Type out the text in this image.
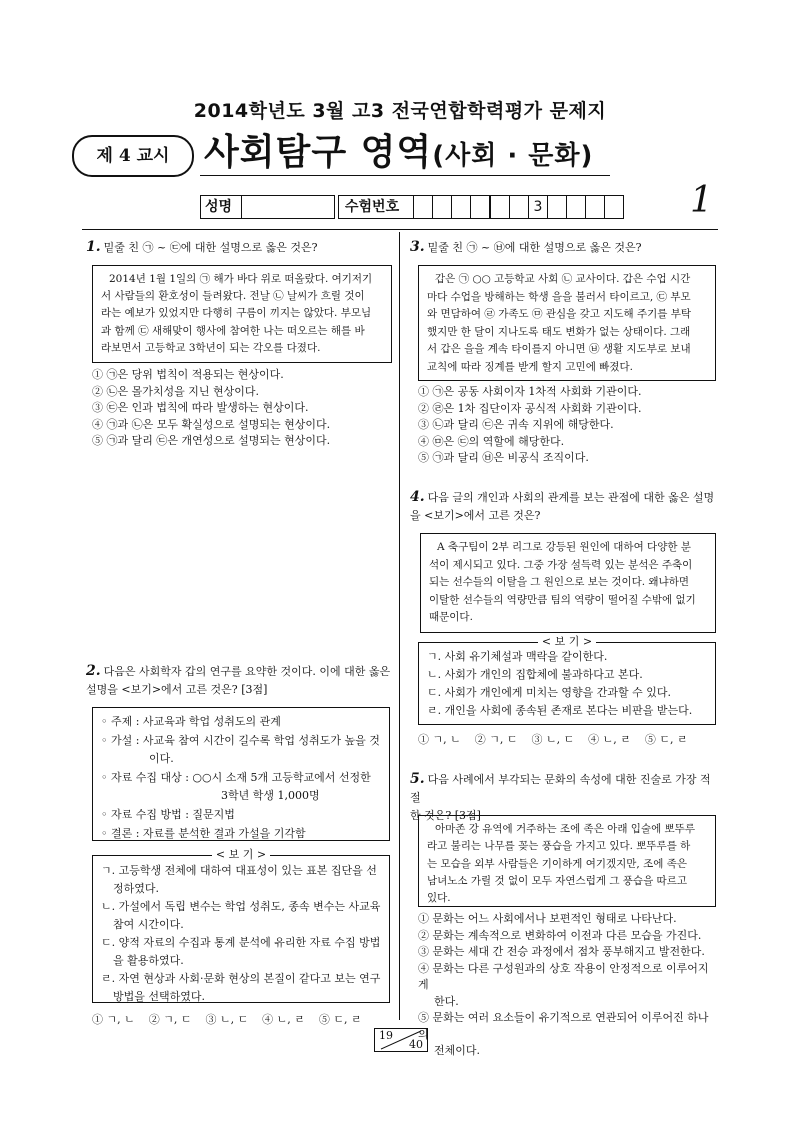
2014학년도 3월 고3 전국연합학력평가 문제지
제 4 교시 사회탐구 영역(사회 · 문화)
성명	수험번호	3	1
1. 밑줄 친 ㉠ ~ ㉢에 대한 설명으로 옳은 것은?
2014년 1월 1일의 ㉠ 해가 바다 위로 떠올랐다. 여기저기
서 사람들의 환호성이 들려왔다. 전날 ㉡ 날씨가 흐릴 것이
라는 예보가 있었지만 다행히 구름이 끼지는 않았다. 부모님
과 함께 ㉢ 새해맞이 행사에 참여한 나는 떠오르는 해를 바
라보면서 고등학교 3학년이 되는 각오를 다졌다.
① ㉠은 당위 법칙이 적용되는 현상이다.
② ㉡은 몰가치성을 지닌 현상이다.
③ ㉢은 인과 법칙에 따라 발생하는 현상이다.
④ ㉠과 ㉡은 모두 확실성으로 설명되는 현상이다.
⑤ ㉠과 달리 ㉢은 개연성으로 설명되는 현상이다.
2. 다음은 사회학자 갑의 연구를 요약한 것이다. 이에 대한 옳은
설명을 <보기>에서 고른 것은? [3점]
◦ 주제 : 사교육과 학업 성취도의 관계
◦ 가설 : 사교육 참여 시간이 길수록 학업 성취도가 높을 것
이다.
◦ 자료 수집 대상 : ○○시 소재 5개 고등학교에서 선정한
3학년 학생 1,000명
◦ 자료 수집 방법 : 질문지법
◦ 결론 : 자료를 분석한 결과 가설을 기각함
< 보 기 >
ㄱ. 고등학생 전체에 대하여 대표성이 있는 표본 집단을 선정하였다.
ㄴ. 가설에서 독립 변수는 학업 성취도, 종속 변수는 사교육 참여 시간이다.
ㄷ. 양적 자료의 수집과 통계 분석에 유리한 자료 수집 방법을 활용하였다.
ㄹ. 자연 현상과 사회·문화 현상의 본질이 같다고 보는 연구 방법을 선택하였다.
① ㄱ, ㄴ    ② ㄱ, ㄷ    ③ ㄴ, ㄷ    ④ ㄴ, ㄹ    ⑤ ㄷ, ㄹ
3. 밑줄 친 ㉠ ~ ㉥에 대한 설명으로 옳은 것은?
갑은 ㉠ ○○ 고등학교 사회 ㉡ 교사이다. 갑은 수업 시간
마다 수업을 방해하는 학생 을을 불러서 타이르고, ㉢ 부모
와 면담하여 ㉣ 가족도 ㉤ 관심을 갖고 지도해 주기를 부탁
했지만 한 달이 지나도록 태도 변화가 없는 상태이다. 그래
서 갑은 을을 계속 타이를지 아니면 ㉥ 생활 지도부로 보내
교칙에 따라 징계를 받게 할지 고민에 빠졌다.
① ㉠은 공동 사회이자 1차적 사회화 기관이다.
② ㉣은 1차 집단이자 공식적 사회화 기관이다.
③ ㉡과 달리 ㉢은 귀속 지위에 해당한다.
④ ㉤은 ㉢의 역할에 해당한다.
⑤ ㉠과 달리 ㉥은 비공식 조직이다.
4. 다음 글의 개인과 사회의 관계를 보는 관점에 대한 옳은 설명
을 <보기>에서 고른 것은?
A 축구팀이 2부 리그로 강등된 원인에 대하여 다양한 분
석이 제시되고 있다. 그중 가장 설득력 있는 분석은 주축이
되는 선수들의 이탈을 그 원인으로 보는 것이다. 왜냐하면
이탈한 선수들의 역량만큼 팀의 역량이 떨어질 수밖에 없기
때문이다.
< 보 기 >
ㄱ. 사회 유기체설과 맥락을 같이한다.
ㄴ. 사회가 개인의 집합체에 불과하다고 본다.
ㄷ. 사회가 개인에게 미치는 영향을 간과할 수 있다.
ㄹ. 개인을 사회에 종속된 존재로 본다는 비판을 받는다.
① ㄱ, ㄴ    ② ㄱ, ㄷ    ③ ㄴ, ㄷ    ④ ㄴ, ㄹ    ⑤ ㄷ, ㄹ
5. 다음 사례에서 부각되는 문화의 속성에 대한 진술로 가장 적절
한 것은? [3점]
아마존 강 유역에 거주하는 조에 족은 아래 입술에 뽀뚜루
라고 불리는 나무를 꽂는 풍습을 가지고 있다. 뽀뚜루를 하
는 모습을 외부 사람들은 기이하게 여기겠지만, 조에 족은
남녀노소 가릴 것 없이 모두 자연스럽게 그 풍습을 따르고
있다.
① 문화는 어느 사회에서나 보편적인 형태로 나타난다.
② 문화는 계속적으로 변화하여 이전과 다른 모습을 가진다.
③ 문화는 세대 간 전승 과정에서 점차 풍부해지고 발전한다.
④ 문화는 다른 구성원과의 상호 작용이 안정적으로 이루어지게
한다.
⑤ 문화는 여러 요소들이 유기적으로 연관되어 이루어진 하나의
전체이다.
19
40
